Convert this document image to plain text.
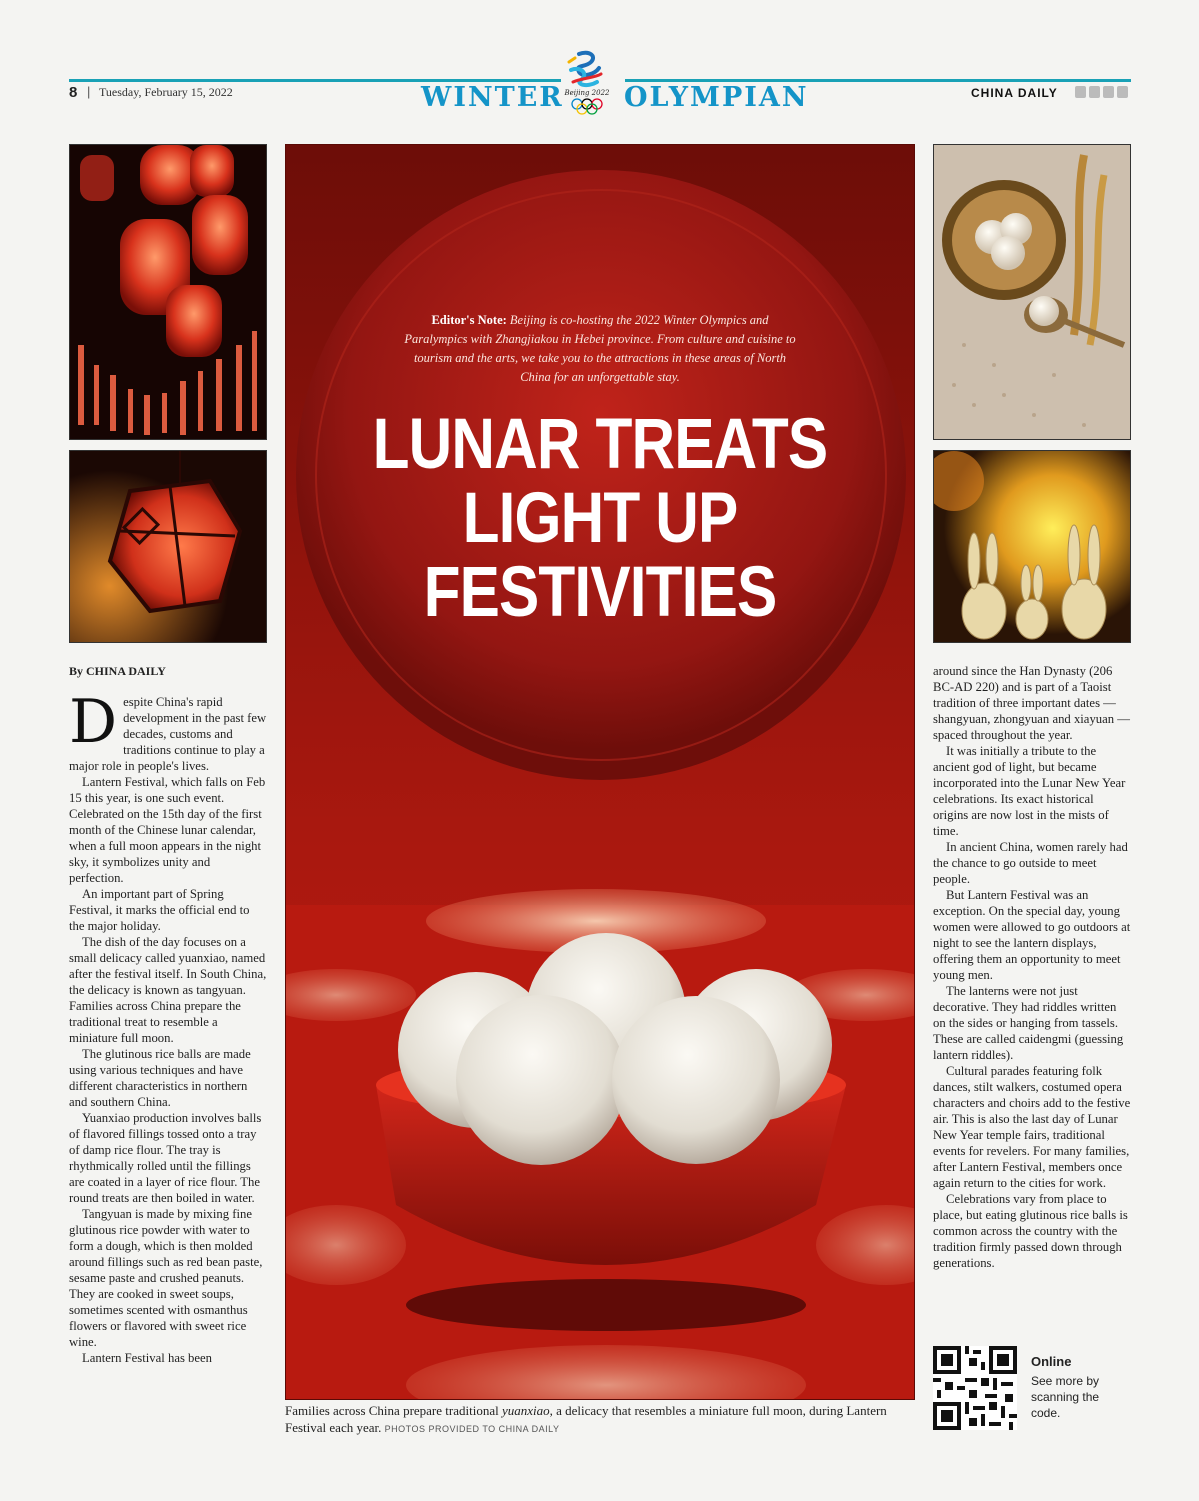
8 | Tuesday, February 15, 2022	WINTER OLYMPIAN
Beijing 2022	CHINA DAILY
Editor's Note: Beijing is co-hosting the 2022 Winter Olympics and Paralympics with Zhangjiakou in Hebei province. From culture and cuisine to tourism and the arts, we take you to the attractions in these areas of North China for an unforgettable stay.
LUNAR TREATS
LIGHT UP
FESTIVITIES
Families across China prepare traditional yuanxiao, a delicacy that resembles a miniature full moon, during Lantern Festival each year. PHOTOS PROVIDED TO CHINA DAILY
By CHINA DAILY

Despite China's rapid development in the past few decades, customs and traditions continue to play a major role in people's lives.

Lantern Festival, which falls on Feb 15 this year, is one such event. Celebrated on the 15th day of the first month of the Chinese lunar calendar, when a full moon appears in the night sky, it symbolizes unity and perfection.

An important part of Spring Festival, it marks the official end to the major holiday.

The dish of the day focuses on a small delicacy called yuanxiao, named after the festival itself. In South China, the delicacy is known as tangyuan. Families across China prepare the traditional treat to resemble a miniature full moon.

The glutinous rice balls are made using various techniques and have different characteristics in northern and southern China.

Yuanxiao production involves balls of flavored fillings tossed onto a tray of damp rice flour. The tray is rhythmically rolled until the fillings are coated in a layer of rice flour. The round treats are then boiled in water.

Tangyuan is made by mixing fine glutinous rice powder with water to form a dough, which is then molded around fillings such as red bean paste, sesame paste and crushed peanuts. They are cooked in sweet soups, sometimes scented with osmanthus flowers or flavored with sweet rice wine.

Lantern Festival has been

around since the Han Dynasty (206 BC-AD 220) and is part of a Taoist tradition of three important dates — shangyuan, zhongyuan and xiayuan — spaced throughout the year.

It was initially a tribute to the ancient god of light, but became incorporated into the Lunar New Year celebrations. Its exact historical origins are now lost in the mists of time.

In ancient China, women rarely had the chance to go outside to meet people.

But Lantern Festival was an exception. On the special day, young women were allowed to go outdoors at night to see the lantern displays, offering them an opportunity to meet young men.

The lanterns were not just decorative. They had riddles written on the sides or hanging from tassels. These are called caidengmi (guessing lantern riddles).

Cultural parades featuring folk dances, stilt walkers, costumed opera characters and choirs add to the festive air. This is also the last day of Lunar New Year temple fairs, traditional events for revelers. For many families, after Lantern Festival, members once again return to the cities for work.

Celebrations vary from place to place, but eating glutinous rice balls is common across the country with the tradition firmly passed down through generations.

Online
See more by scanning the code.
